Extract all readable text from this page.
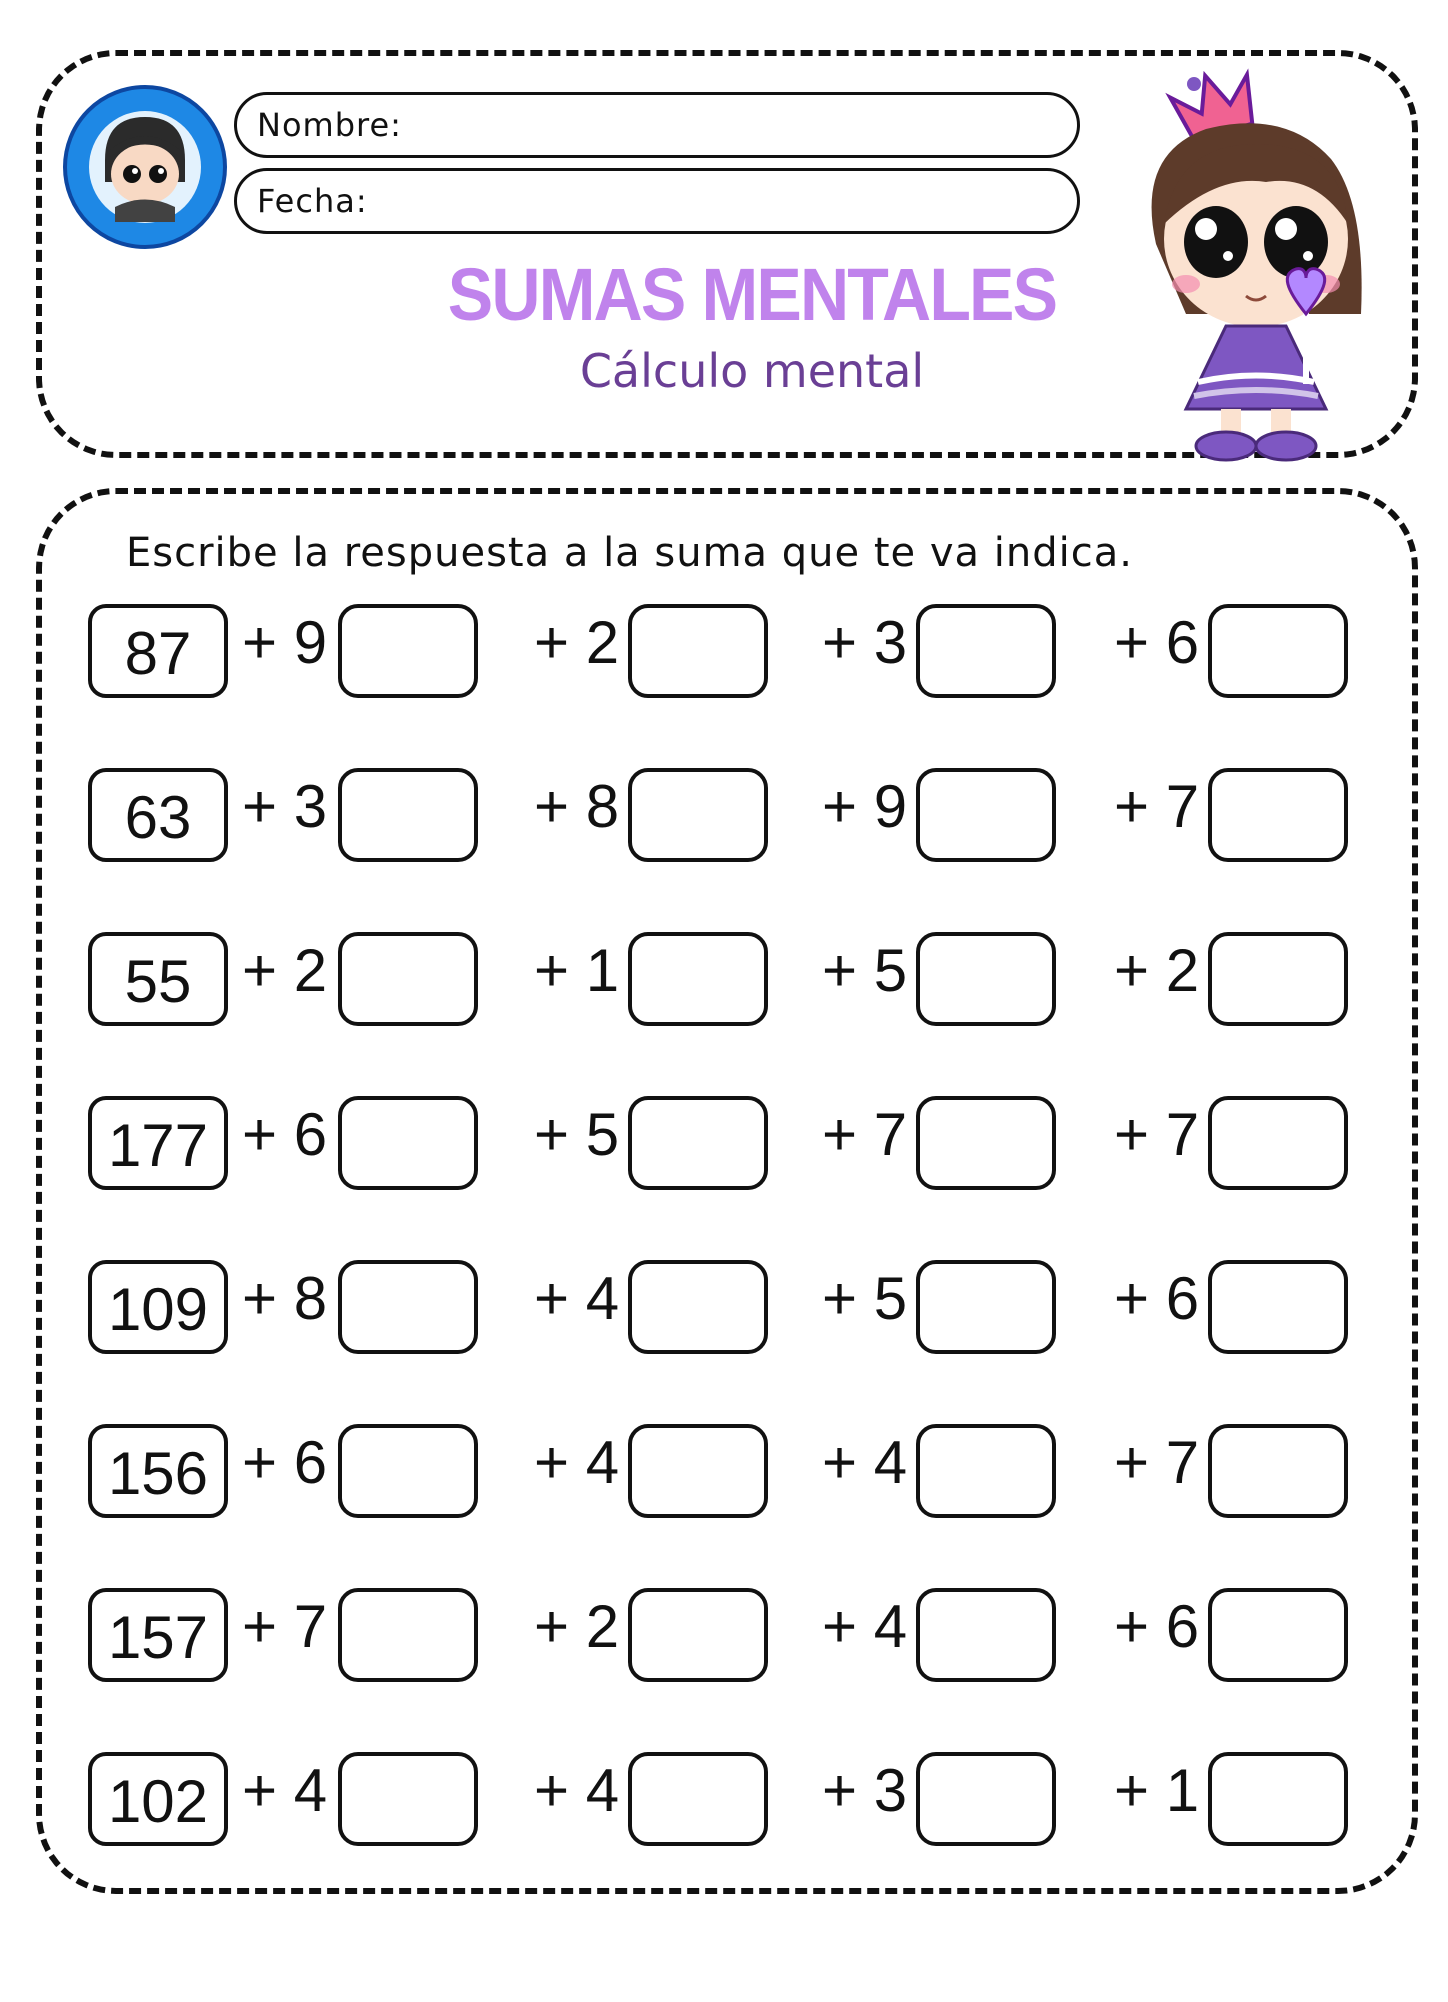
Nombre:
Fecha:
SUMAS MENTALES
Cálculo mental
Escribe la respuesta a la suma que te va indica.
87 + 9	+ 2	+ 3	+ 6
63 + 3	+ 8	+ 9	+ 7
55 + 2	+ 1	+ 5	+ 2
177 + 6	+ 5	+ 7	+ 7
109 + 8	+ 4	+ 5	+ 6
156 + 6	+ 4	+ 4	+ 7
157 + 7	+ 2	+ 4	+ 6
102 + 4	+ 4	+ 3	+ 1
